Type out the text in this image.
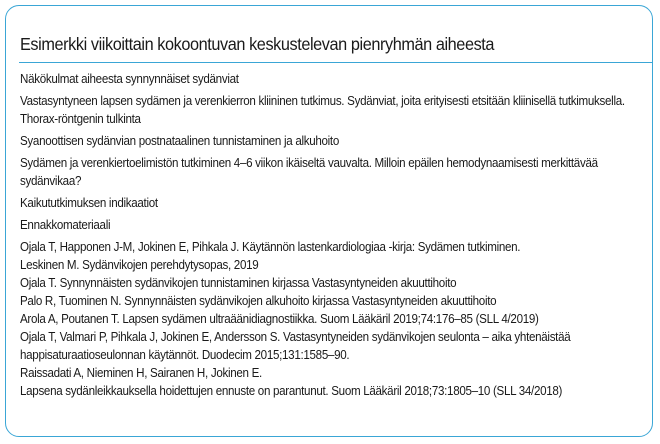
Esimerkki viikoittain kokoontuvan keskustelevan pienryhmän aiheesta

Näkökulmat aiheesta synnynnäiset sydänviat

Vastasyntyneen lapsen sydämen ja verenkierron kliininen tutkimus. Sydänviat, joita erityisesti etsitään kliinisellä tutkimuksella. Thorax-röntgenin tulkinta

Syanoottisen sydänvian postnataalinen tunnistaminen ja alkuhoito

Sydämen ja verenkiertoelimistön tutkiminen 4–6 viikon ikäiseltä vauvalta. Milloin epäilen hemodynaamisesti merkittävää sydänvikaa?

Kaikututkimuksen indikaatiot

Ennakkomateriaali

Ojala T, Happonen J-M, Jokinen E, Pihkala J. Käytännön lastenkardiologiaa -kirja: Sydämen tutkiminen.

Leskinen M. Sydänvikojen perehdytysopas, 2019

Ojala T. Synnynnäisten sydänvikojen tunnistaminen kirjassa Vastasyntyneiden akuuttihoito

Palo R, Tuominen N. Synnynnäisten sydänvikojen alkuhoito kirjassa Vastasyntyneiden akuuttihoito

Arola A, Poutanen T. Lapsen sydämen ultraäänidiagnostiikka. Suom Lääkäril 2019;74:176–85 (SLL 4/2019)

Ojala T, Valmari P, Pihkala J, Jokinen E, Andersson S. Vastasyntyneiden sydänvikojen seulonta – aika yhtenäistää happisaturaatioseulonnan käytännöt. Duodecim 2015;131:1585–90.

Raissadati A, Nieminen H, Sairanen H, Jokinen E.

Lapsena sydänleikkauksella hoidettujen ennuste on parantunut. Suom Lääkäril 2018;73:1805–10 (SLL 34/2018)
